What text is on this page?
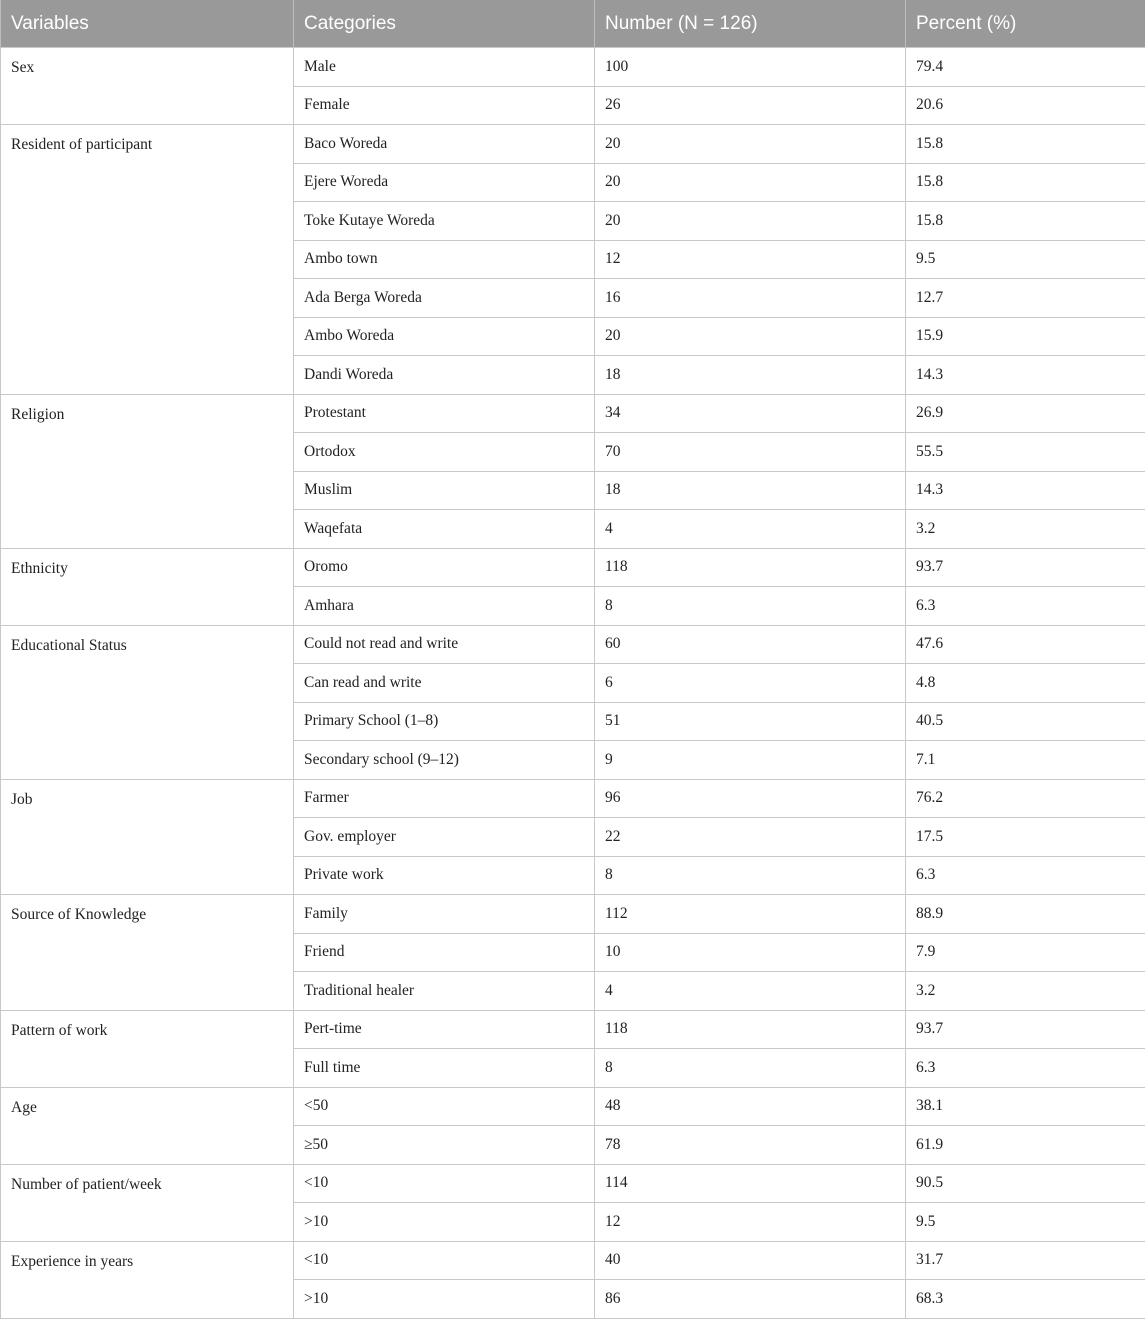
Variables	Categories	Number (N = 126)	Percent (%)
Sex	Male	100	79.4
	Female	26	20.6
Resident of participant	Baco Woreda	20	15.8
	Ejere Woreda	20	15.8
	Toke Kutaye Woreda	20	15.8
	Ambo town	12	9.5
	Ada Berga Woreda	16	12.7
	Ambo Woreda	20	15.9
	Dandi Woreda	18	14.3
Religion	Protestant	34	26.9
	Ortodox	70	55.5
	Muslim	18	14.3
	Waqefata	4	3.2
Ethnicity	Oromo	118	93.7
	Amhara	8	6.3
Educational Status	Could not read and write	60	47.6
	Can read and write	6	4.8
	Primary School (1–8)	51	40.5
	Secondary school (9–12)	9	7.1
Job	Farmer	96	76.2
	Gov. employer	22	17.5
	Private work	8	6.3
Source of Knowledge	Family	112	88.9
	Friend	10	7.9
	Traditional healer	4	3.2
Pattern of work	Pert-time	118	93.7
	Full time	8	6.3
Age	<50	48	38.1
	≥50	78	61.9
Number of patient/week	<10	114	90.5
	>10	12	9.5
Experience in years	<10	40	31.7
	>10	86	68.3
